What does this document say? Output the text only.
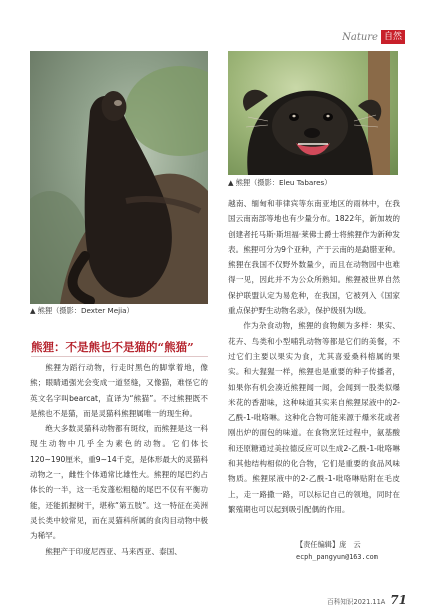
Nature 自然
▲ 熊狸（摄影：Dexter Mejia）
▲ 熊狸（摄影：Eleu Tabares）
熊狸：不是熊也不是猫的“熊猫”

熊狸为蹈行动物，行走时黑色的脚掌着地，像熊；眼睛通强光会变成一道竖缝，又像猫，难怪它的英文名字叫bearcat，直译为“熊猫”。不过熊狸既不是熊也不是猫，而是灵猫科熊狸属唯一的现生种。

绝大多数灵猫科动物都有斑纹，而熊狸是这一科现生动物中几乎全为素色的动物。它们体长120~190厘米，重9~14千克，是体形最大的灵猫科动物之一，雌性个体通常比雄性大。熊狸的尾巴约占体长的一半，这一毛发蓬松粗糙的尾巴不仅有平衡功能，还能抓握树干，堪称“第五肢”。这一特征在美洲灵长类中较常见，而在灵猫科所属的食肉目动物中极为稀罕。

熊狸产于印度尼西亚、马来西亚、泰国、

越南、缅甸和菲律宾等东南亚地区的雨林中，在我国云南南部等地也有少量分布。1822年，新加坡的创建者托马斯·斯坦福·莱佛士爵士将熊狸作为新种发表。熊狸可分为9个亚种，产于云南的是勐腊亚种。熊狸在我国不仅野外数量少，而且在动物园中也难得一见，因此并不为公众所熟知。熊狸被世界自然保护联盟认定为易危种，在我国，它被列入《国家重点保护野生动物名录》，保护级别为Ⅰ级。

作为杂食动物，熊狸的食物颇为多样：果实、花卉、鸟类和小型哺乳动物等都是它们的美餐，不过它们主要以果实为食，尤其喜爱桑科榕属的果实。和大猩猩一样，熊狸也是重要的种子传播者，如果你有机会凑近熊狸闻一闻，会闻到一股类似爆米花的香甜味，这种味道其实来自熊狸尿液中的2-乙酰-1-吡咯啉。这种化合物可能来源于爆米花或者刚出炉的面包的味道。在食物烹饪过程中，氨基酸和还原糖通过美拉德反应可以生成2-乙酰-1-吡咯啉和其他结构相似的化合物，它们是重要的食品风味物质。熊狸尿液中的2-乙酰-1-吡咯啉贴附在毛皮上，走一路撒一路，可以标记自己的领地，同时在繁殖期也可以起到吸引配偶的作用。

【责任编辑】庞　云
ecph_pangyun@163.com
百科知识2021.11A 71
